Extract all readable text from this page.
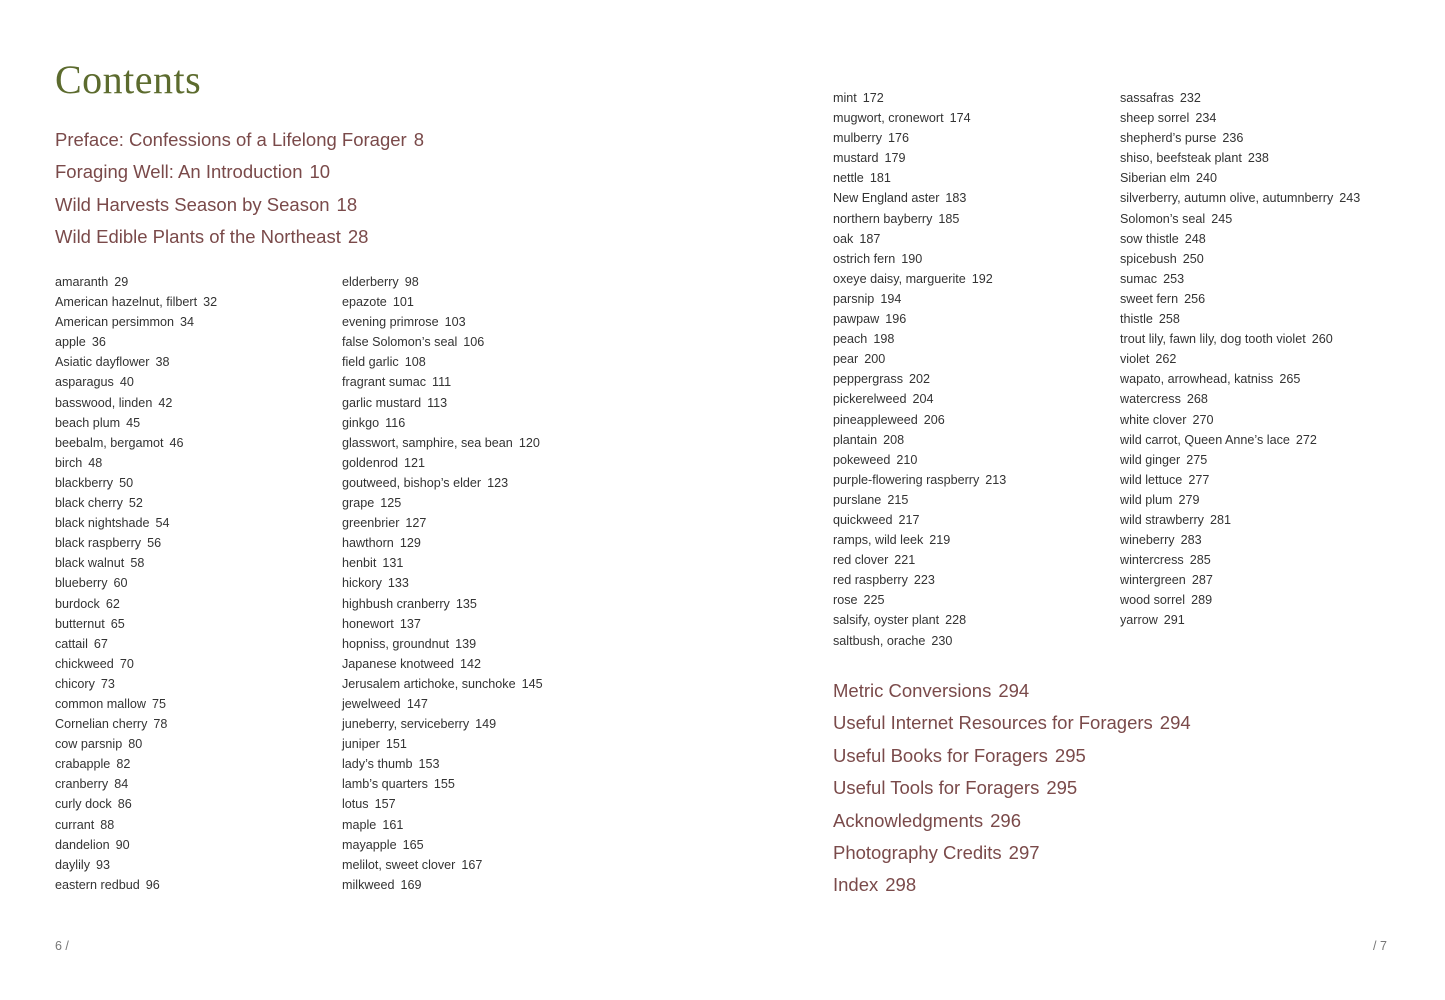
Contents
Preface: Confessions of a Lifelong Forager 8
Foraging Well: An Introduction 10
Wild Harvests Season by Season 18
Wild Edible Plants of the Northeast 28
amaranth 29
American hazelnut, filbert 32
American persimmon 34
apple 36
Asiatic dayflower 38
asparagus 40
basswood, linden 42
beach plum 45
beebalm, bergamot 46
birch 48
blackberry 50
black cherry 52
black nightshade 54
black raspberry 56
black walnut 58
blueberry 60
burdock 62
butternut 65
cattail 67
chickweed 70
chicory 73
common mallow 75
Cornelian cherry 78
cow parsnip 80
crabapple 82
cranberry 84
curly dock 86
currant 88
dandelion 90
daylily 93
eastern redbud 96
elderberry 98
epazote 101
evening primrose 103
false Solomon’s seal 106
field garlic 108
fragrant sumac 111
garlic mustard 113
ginkgo 116
glasswort, samphire, sea bean 120
goldenrod 121
goutweed, bishop’s elder 123
grape 125
greenbrier 127
hawthorn 129
henbit 131
hickory 133
highbush cranberry 135
honewort 137
hopniss, groundnut 139
Japanese knotweed 142
Jerusalem artichoke, sunchoke 145
jewelweed 147
juneberry, serviceberry 149
juniper 151
lady’s thumb 153
lamb’s quarters 155
lotus 157
maple 161
mayapple 165
melilot, sweet clover 167
milkweed 169
6 /
mint 172
mugwort, cronewort 174
mulberry 176
mustard 179
nettle 181
New England aster 183
northern bayberry 185
oak 187
ostrich fern 190
oxeye daisy, marguerite 192
parsnip 194
pawpaw 196
peach 198
pear 200
peppergrass 202
pickerelweed 204
pineappleweed 206
plantain 208
pokeweed 210
purple-flowering raspberry 213
purslane 215
quickweed 217
ramps, wild leek 219
red clover 221
red raspberry 223
rose 225
salsify, oyster plant 228
saltbush, orache 230
sassafras 232
sheep sorrel 234
shepherd’s purse 236
shiso, beefsteak plant 238
Siberian elm 240
silverberry, autumn olive, autumnberry 243
Solomon’s seal 245
sow thistle 248
spicebush 250
sumac 253
sweet fern 256
thistle 258
trout lily, fawn lily, dog tooth violet 260
violet 262
wapato, arrowhead, katniss 265
watercress 268
white clover 270
wild carrot, Queen Anne’s lace 272
wild ginger 275
wild lettuce 277
wild plum 279
wild strawberry 281
wineberry 283
wintercress 285
wintergreen 287
wood sorrel 289
yarrow 291
Metric Conversions 294
Useful Internet Resources for Foragers 294
Useful Books for Foragers 295
Useful Tools for Foragers 295
Acknowledgments 296
Photography Credits 297
Index 298
/ 7
